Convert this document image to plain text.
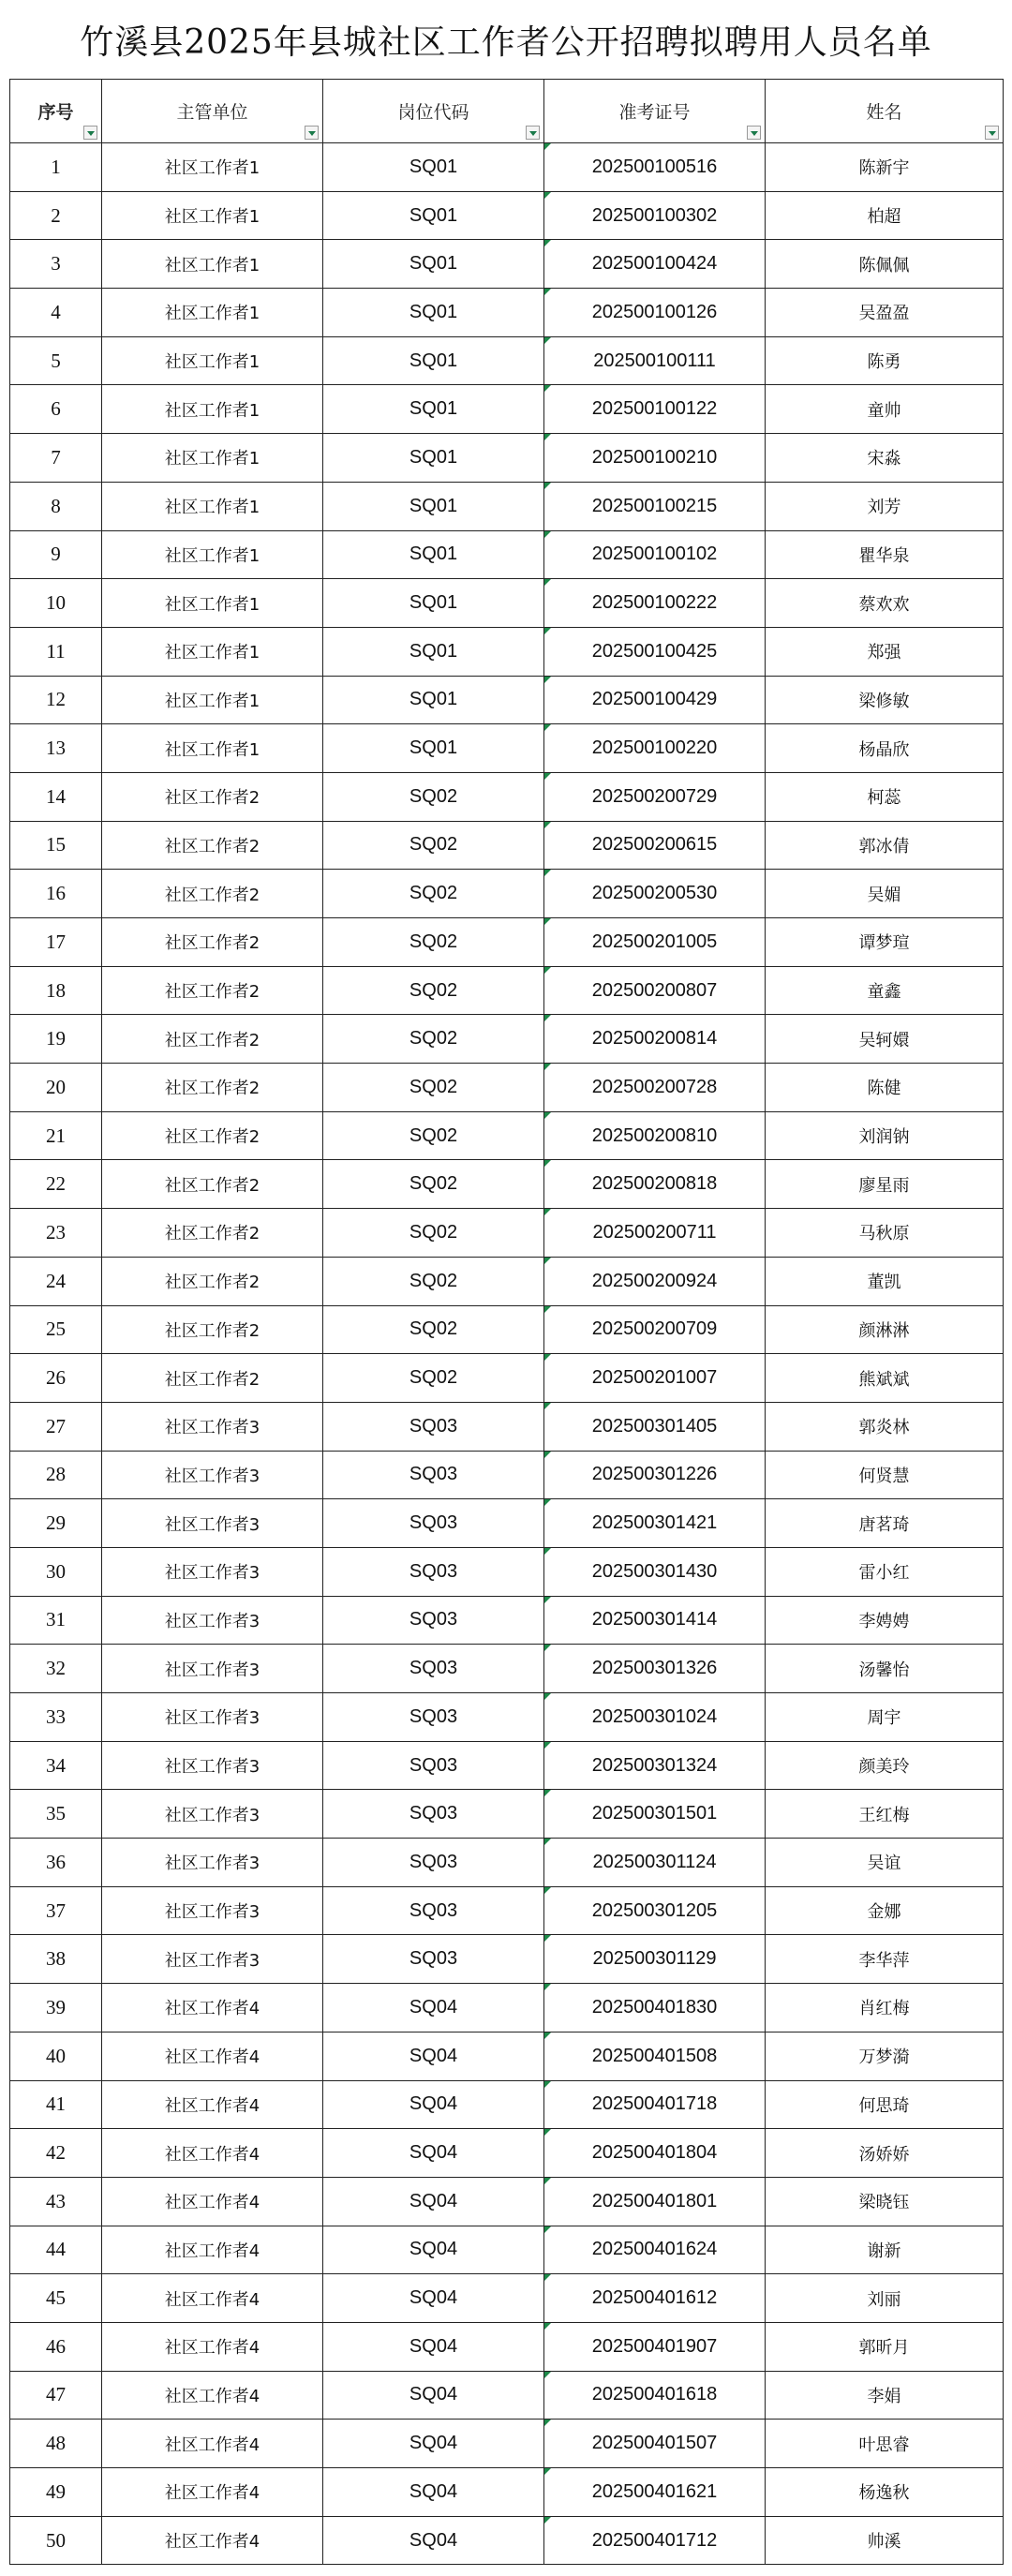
竹溪县2025年县城社区工作者公开招聘拟聘用人员名单
序号	主管单位	岗位代码	准考证号	姓名

1	社区工作者1	SQ01	202500100516	陈新宇
2	社区工作者1	SQ01	202500100302	柏超
3	社区工作者1	SQ01	202500100424	陈佩佩
4	社区工作者1	SQ01	202500100126	吴盈盈
5	社区工作者1	SQ01	202500100111	陈勇
6	社区工作者1	SQ01	202500100122	童帅
7	社区工作者1	SQ01	202500100210	宋淼
8	社区工作者1	SQ01	202500100215	刘芳
9	社区工作者1	SQ01	202500100102	瞿华泉
10	社区工作者1	SQ01	202500100222	蔡欢欢
11	社区工作者1	SQ01	202500100425	郑强
12	社区工作者1	SQ01	202500100429	梁修敏
13	社区工作者1	SQ01	202500100220	杨晶欣
14	社区工作者2	SQ02	202500200729	柯蕊
15	社区工作者2	SQ02	202500200615	郭冰倩
16	社区工作者2	SQ02	202500200530	吴媚
17	社区工作者2	SQ02	202500201005	谭梦瑄
18	社区工作者2	SQ02	202500200807	童鑫
19	社区工作者2	SQ02	202500200814	吴轲嬛
20	社区工作者2	SQ02	202500200728	陈健
21	社区工作者2	SQ02	202500200810	刘润钠
22	社区工作者2	SQ02	202500200818	廖星雨
23	社区工作者2	SQ02	202500200711	马秋原
24	社区工作者2	SQ02	202500200924	董凯
25	社区工作者2	SQ02	202500200709	颜淋淋
26	社区工作者2	SQ02	202500201007	熊斌斌
27	社区工作者3	SQ03	202500301405	郭炎林
28	社区工作者3	SQ03	202500301226	何贤慧
29	社区工作者3	SQ03	202500301421	唐茗琦
30	社区工作者3	SQ03	202500301430	雷小红
31	社区工作者3	SQ03	202500301414	李娉娉
32	社区工作者3	SQ03	202500301326	汤馨怡
33	社区工作者3	SQ03	202500301024	周宇
34	社区工作者3	SQ03	202500301324	颜美玲
35	社区工作者3	SQ03	202500301501	王红梅
36	社区工作者3	SQ03	202500301124	吴谊
37	社区工作者3	SQ03	202500301205	金娜
38	社区工作者3	SQ03	202500301129	李华萍
39	社区工作者4	SQ04	202500401830	肖红梅
40	社区工作者4	SQ04	202500401508	万梦漪
41	社区工作者4	SQ04	202500401718	何思琦
42	社区工作者4	SQ04	202500401804	汤娇娇
43	社区工作者4	SQ04	202500401801	梁晓钰
44	社区工作者4	SQ04	202500401624	谢新
45	社区工作者4	SQ04	202500401612	刘丽
46	社区工作者4	SQ04	202500401907	郭昕月
47	社区工作者4	SQ04	202500401618	李娟
48	社区工作者4	SQ04	202500401507	叶思睿
49	社区工作者4	SQ04	202500401621	杨逸秋
50	社区工作者4	SQ04	202500401712	帅溪
